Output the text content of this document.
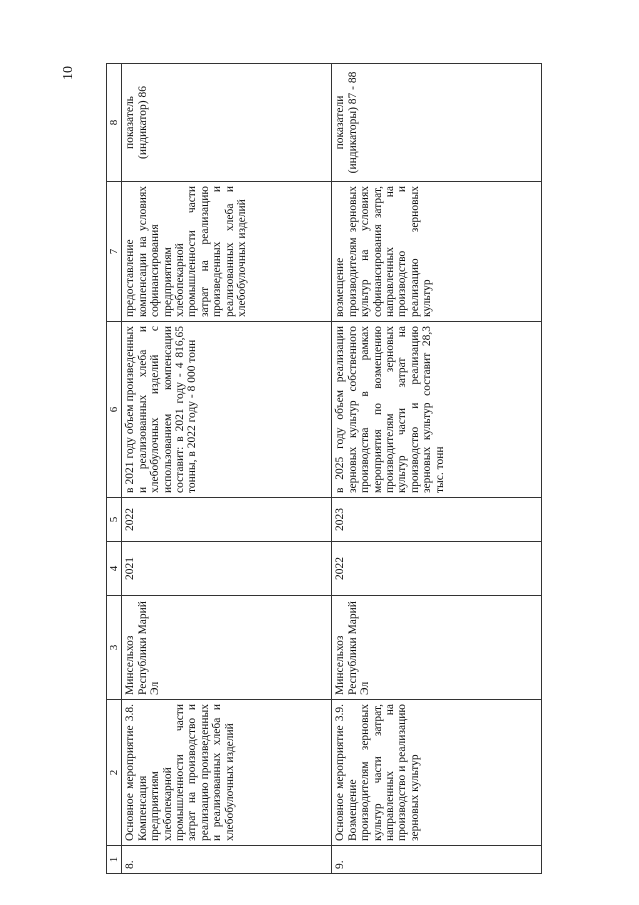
10
1	2	3	4	5	6	7	8
8.	Основное мероприятие 3.8. Компенсация предприятиям хлебопекарной промышленности части затрат на производство и реализацию произведенных и реализованных хлеба и хлебобулочных изделий	Минсельхоз Республики Марий Эл	2021	2022	в 2021 году объем произведенных и реализованных хлеба и хлебобулочных изделий с использованием компенсации составит: в 2021 году - 4 816,65 тонны, в 2022 году - 8 000 тонн	предоставление компенсации на условиях софинансирования предприятиям хлебопекарной промышленности части затрат на реализацию произведенных и реализованных хлеба и хлебобулочных изделий	показатель (индикатор) 86
9.	Основное мероприятие 3.9. Возмещение производителям зерновых культур части затрат, направленных на производство и реализацию зерновых культур	Минсельхоз Республики Марий Эл	2022	2023	в 2025 году объем реализации зерновых культур собственного производства в рамках мероприятия по возмещению производителям зерновых культур части затрат на производство и реализацию зерновых культур составит 28,3 тыс. тонн	возмещение производителям зерновых культур на условиях софинансирования затрат, направленных на производство и реализацию зерновых культур	показатели (индикаторы) 87 - 88
